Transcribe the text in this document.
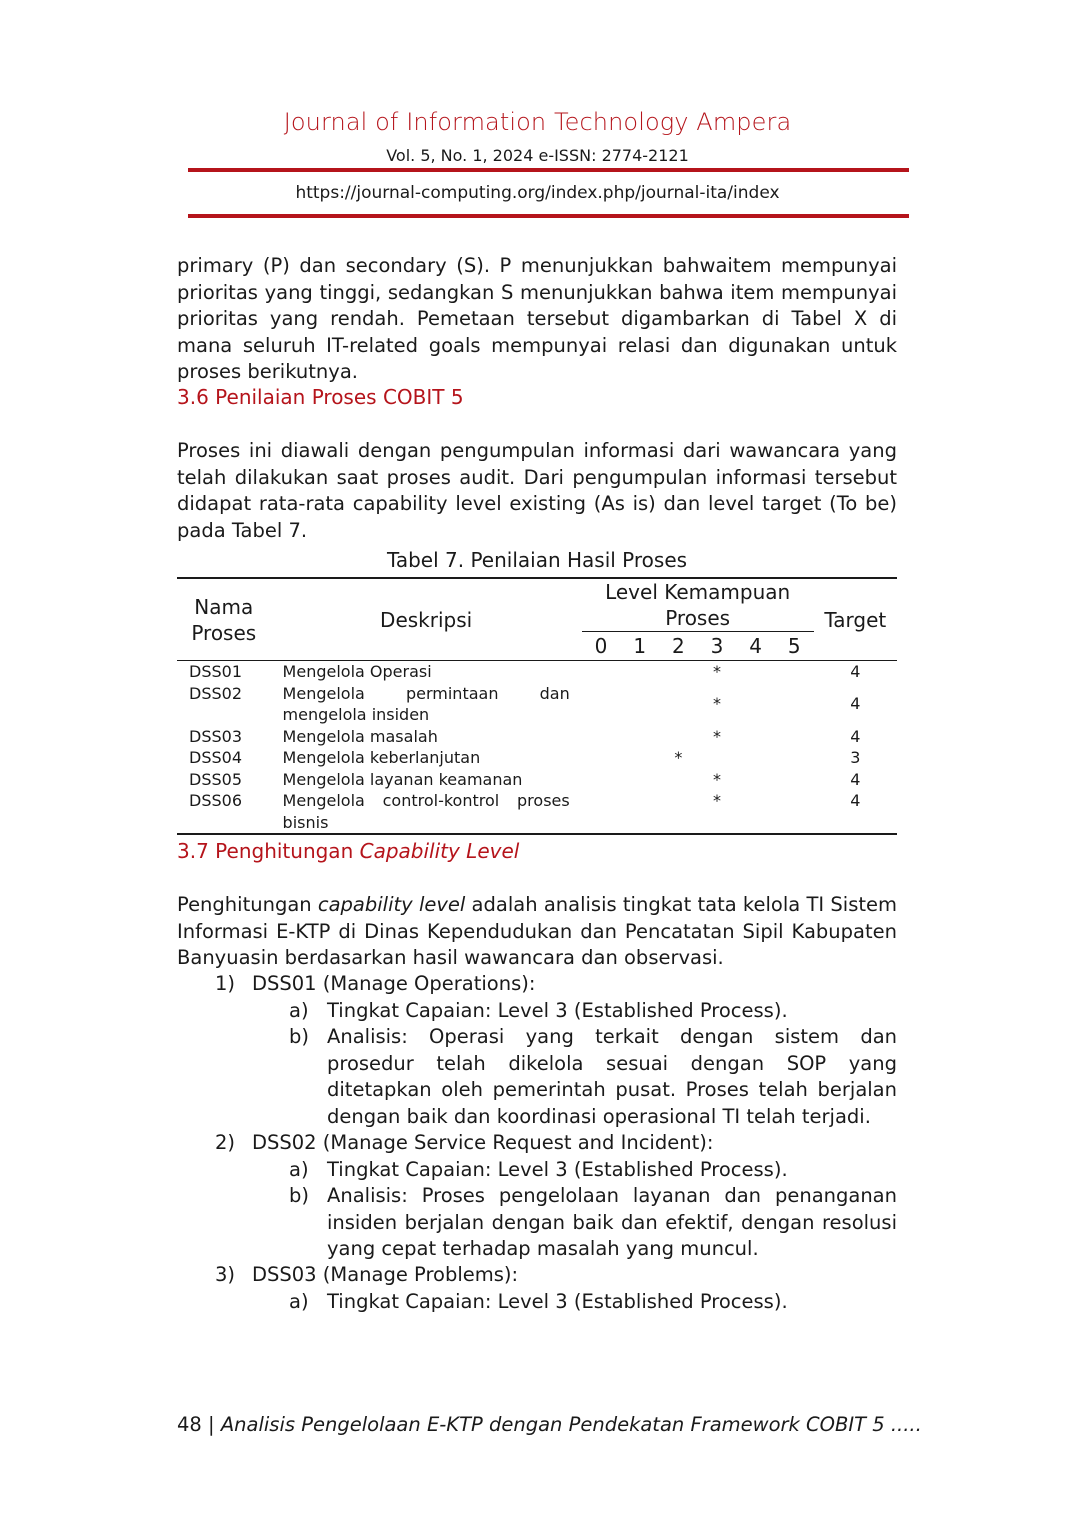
Journal of Information Technology Ampera
Vol. 5, No. 1, 2024 e-ISSN: 2774-2121
https://journal-computing.org/index.php/journal-ita/index

primary (P) dan secondary (S). P menunjukkan bahwaitem mempunyai prioritas yang tinggi, sedangkan S menunjukkan bahwa item mempunyai prioritas yang rendah. Pemetaan tersebut digambarkan di Tabel X di mana seluruh IT-related goals mempunyai relasi dan digunakan untuk proses berikutnya.

3.6 Penilaian Proses COBIT 5

Proses ini diawali dengan pengumpulan informasi dari wawancara yang telah dilakukan saat proses audit. Dari pengumpulan informasi tersebut didapat rata-rata capability level existing (As is) dan level target (To be) pada Tabel 7.

Tabel 7. Penilaian Hasil Proses
Nama Proses	Deskripsi	Level Kemampuan Proses						Target
		0	1	2	3	4	5	
DSS01	Mengelola Operasi				*			4
DSS02	Mengelola permintaan dan mengelola insiden				*			4
DSS03	Mengelola masalah				*			4
DSS04	Mengelola keberlanjutan			*				3
DSS05	Mengelola layanan keamanan				*			4
DSS06	Mengelola control-kontrol proses bisnis				*			4

3.7 Penghitungan Capability Level

Penghitungan capability level adalah analisis tingkat tata kelola TI Sistem Informasi E-KTP di Dinas Kependudukan dan Pencatatan Sipil Kabupaten Banyuasin berdasarkan hasil wawancara dan observasi.

1) DSS01 (Manage Operations):
a) Tingkat Capaian: Level 3 (Established Process).
b) Analisis: Operasi yang terkait dengan sistem dan prosedur telah dikelola sesuai dengan SOP yang ditetapkan oleh pemerintah pusat. Proses telah berjalan dengan baik dan koordinasi operasional TI telah terjadi.
2) DSS02 (Manage Service Request and Incident):
a) Tingkat Capaian: Level 3 (Established Process).
b) Analisis: Proses pengelolaan layanan dan penanganan insiden berjalan dengan baik dan efektif, dengan resolusi yang cepat terhadap masalah yang muncul.
3) DSS03 (Manage Problems):
a) Tingkat Capaian: Level 3 (Established Process).
48 | Analisis Pengelolaan E-KTP dengan Pendekatan Framework COBIT 5 .....
